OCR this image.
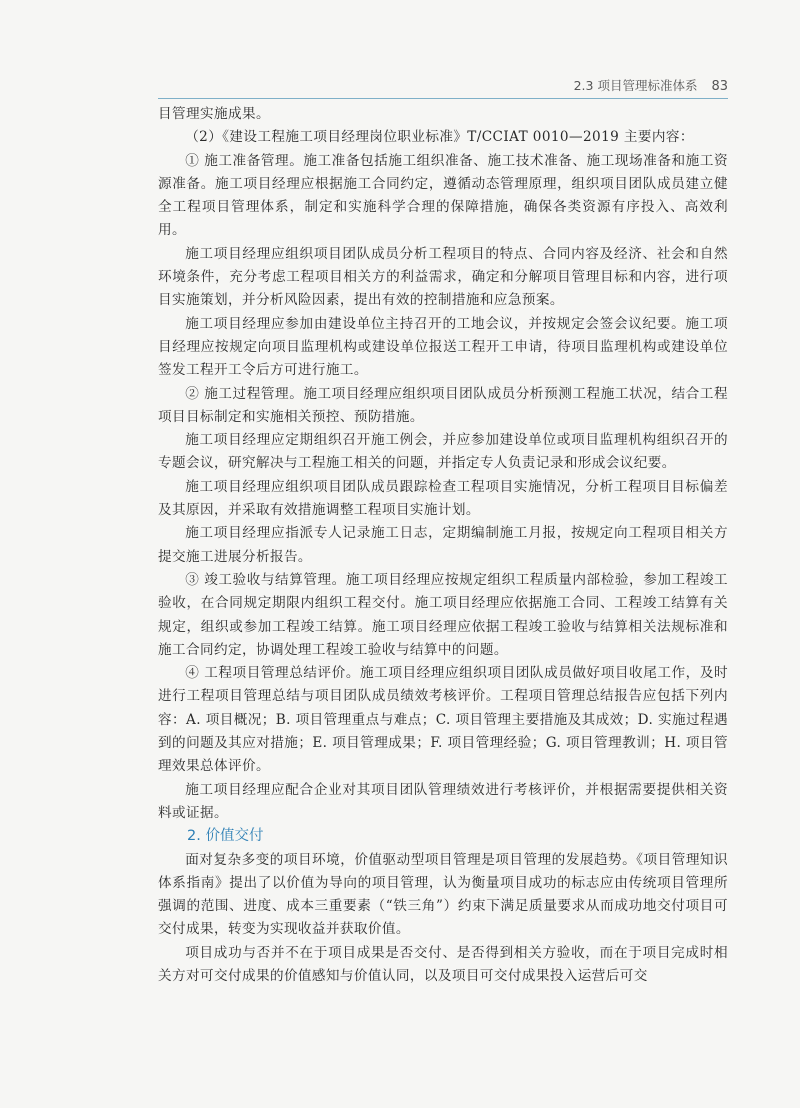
2.3 项目管理标准体系 83

目管理实施成果。

（2）《建设工程施工项目经理岗位职业标准》T/CCIAT 0010—2019 主要内容：

① 施工准备管理。施工准备包括施工组织准备、施工技术准备、施工现场准备和施工资源准备。施工项目经理应根据施工合同约定，遵循动态管理原理，组织项目团队成员建立健全工程项目管理体系，制定和实施科学合理的保障措施，确保各类资源有序投入、高效利用。

施工项目经理应组织项目团队成员分析工程项目的特点、合同内容及经济、社会和自然环境条件，充分考虑工程项目相关方的利益需求，确定和分解项目管理目标和内容，进行项目实施策划，并分析风险因素，提出有效的控制措施和应急预案。

施工项目经理应参加由建设单位主持召开的工地会议，并按规定会签会议纪要。施工项目经理应按规定向项目监理机构或建设单位报送工程开工申请，待项目监理机构或建设单位签发工程开工令后方可进行施工。

② 施工过程管理。施工项目经理应组织项目团队成员分析预测工程施工状况，结合工程项目目标制定和实施相关预控、预防措施。

施工项目经理应定期组织召开施工例会，并应参加建设单位或项目监理机构组织召开的专题会议，研究解决与工程施工相关的问题，并指定专人负责记录和形成会议纪要。

施工项目经理应组织项目团队成员跟踪检查工程项目实施情况，分析工程项目目标偏差及其原因，并采取有效措施调整工程项目实施计划。

施工项目经理应指派专人记录施工日志，定期编制施工月报，按规定向工程项目相关方提交施工进展分析报告。

③ 竣工验收与结算管理。施工项目经理应按规定组织工程质量内部检验，参加工程竣工验收，在合同规定期限内组织工程交付。施工项目经理应依据施工合同、工程竣工结算有关规定，组织或参加工程竣工结算。施工项目经理应依据工程竣工验收与结算相关法规标准和施工合同约定，协调处理工程竣工验收与结算中的问题。

④ 工程项目管理总结评价。施工项目经理应组织项目团队成员做好项目收尾工作，及时进行工程项目管理总结与项目团队成员绩效考核评价。工程项目管理总结报告应包括下列内容：A. 项目概况；B. 项目管理重点与难点；C. 项目管理主要措施及其成效；D. 实施过程遇到的问题及其应对措施；E. 项目管理成果；F. 项目管理经验；G. 项目管理教训；H. 项目管理效果总体评价。

施工项目经理应配合企业对其项目团队管理绩效进行考核评价，并根据需要提供相关资料或证据。

2. 价值交付

面对复杂多变的项目环境，价值驱动型项目管理是项目管理的发展趋势。《项目管理知识体系指南》提出了以价值为导向的项目管理，认为衡量项目成功的标志应由传统项目管理所强调的范围、进度、成本三重要素（“铁三角”）约束下满足质量要求从而成功地交付项目可交付成果，转变为实现收益并获取价值。

项目成功与否并不在于项目成果是否交付、是否得到相关方验收，而在于项目完成时相关方对可交付成果的价值感知与价值认同，以及项目可交付成果投入运营后可交
